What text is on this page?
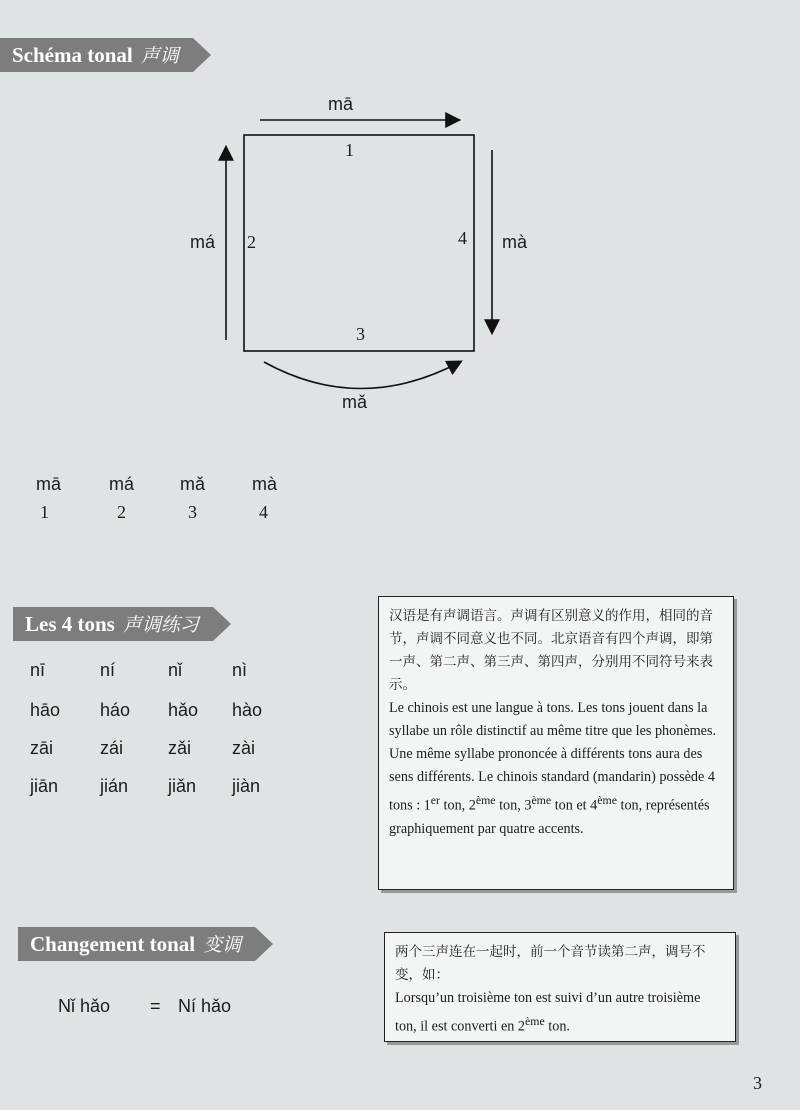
Schéma tonal 声调
mā
1
má 2	4 mà
3
mǎ
mā	má	mǎ	mà
1	2	3	4
Les 4 tons 声调练习
nī	ní	nǐ	nì
hāo háo hǎo hào
zāi	zái zǎi zài
jiān jián jiǎn jiàn

汉语是有声调语言。声调有区别意义的作用，相同的音节，声调不同意义也不同。北京语音有四个声调，即第一声、第二声、第三声、第四声，分别用不同符号来表示。

Le chinois est une langue à tons. Les tons jouent dans la syllabe un rôle distinctif au même titre que les phonèmes. Une même syllabe prononcée à différents tons aura des sens différents. Le chinois standard (mandarin) possède 4 tons : 1er ton, 2ème ton, 3ème ton et 4ème ton, représentés graphiquement par quatre accents.

Changement tonal 变调
Nǐ hǎo = Ní hǎo

两个三声连在一起时，前一个音节读第二声，调号不变，如：

Lorsqu’un troisième ton est suivi d’un autre troisième ton, il est converti en 2ème ton.

3
